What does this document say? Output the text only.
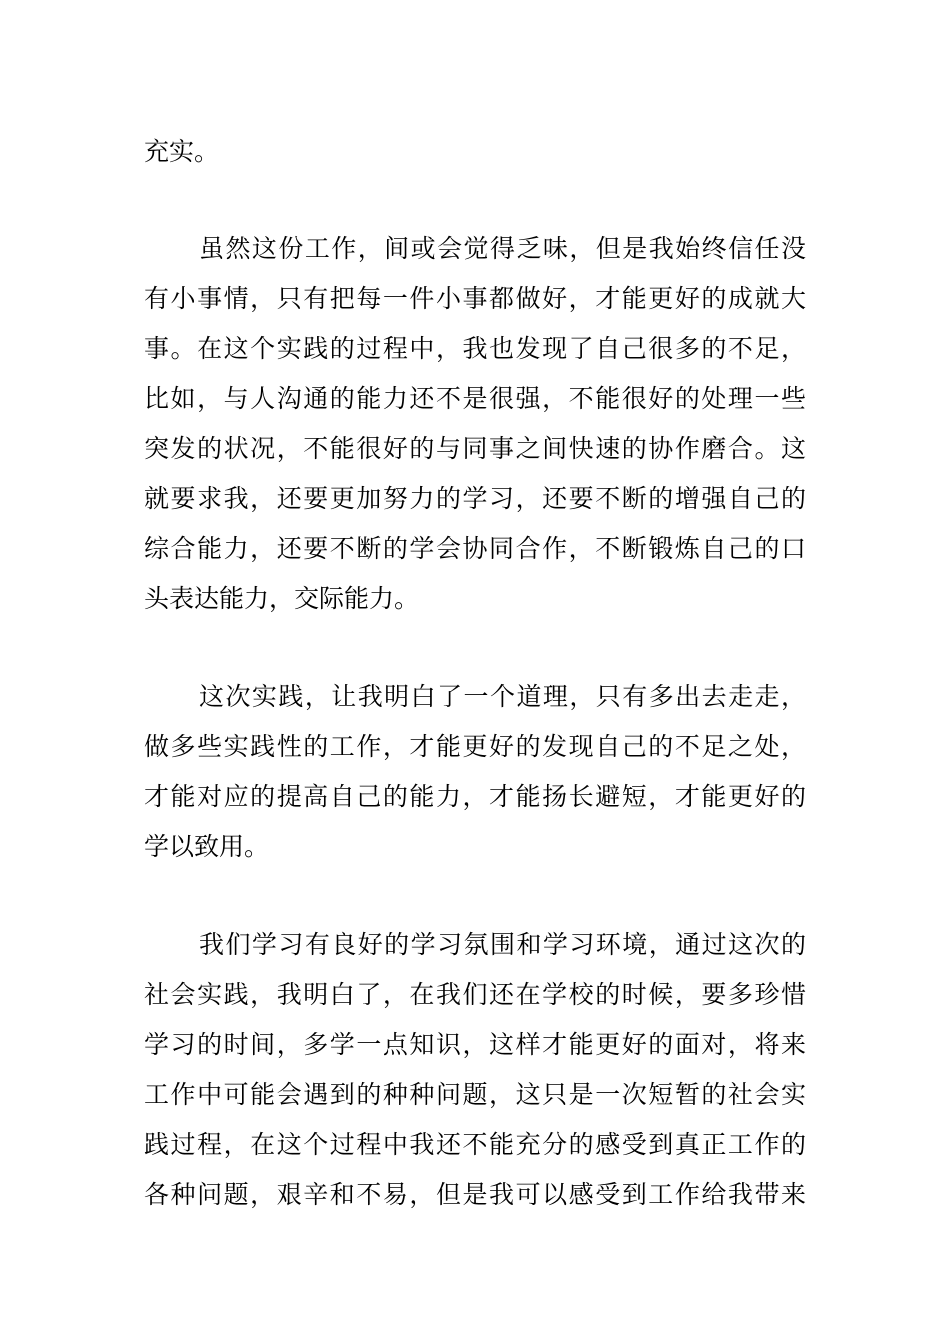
充实。
虽然这份工作，间或会觉得乏味，但是我始终信任没
有小事情，只有把每一件小事都做好，才能更好的成就大
事。在这个实践的过程中，我也发现了自己很多的不足，
比如，与人沟通的能力还不是很强，不能很好的处理一些
突发的状况，不能很好的与同事之间快速的协作磨合。这
就要求我，还要更加努力的学习，还要不断的增强自己的
综合能力，还要不断的学会协同合作，不断锻炼自己的口
头表达能力，交际能力。
这次实践，让我明白了一个道理，只有多出去走走，
做多些实践性的工作，才能更好的发现自己的不足之处，
才能对应的提高自己的能力，才能扬长避短，才能更好的
学以致用。
我们学习有良好的学习氛围和学习环境，通过这次的
社会实践，我明白了，在我们还在学校的时候，要多珍惜
学习的时间，多学一点知识，这样才能更好的面对，将来
工作中可能会遇到的种种问题，这只是一次短暂的社会实
践过程，在这个过程中我还不能充分的感受到真正工作的
各种问题，艰辛和不易，但是我可以感受到工作给我带来
